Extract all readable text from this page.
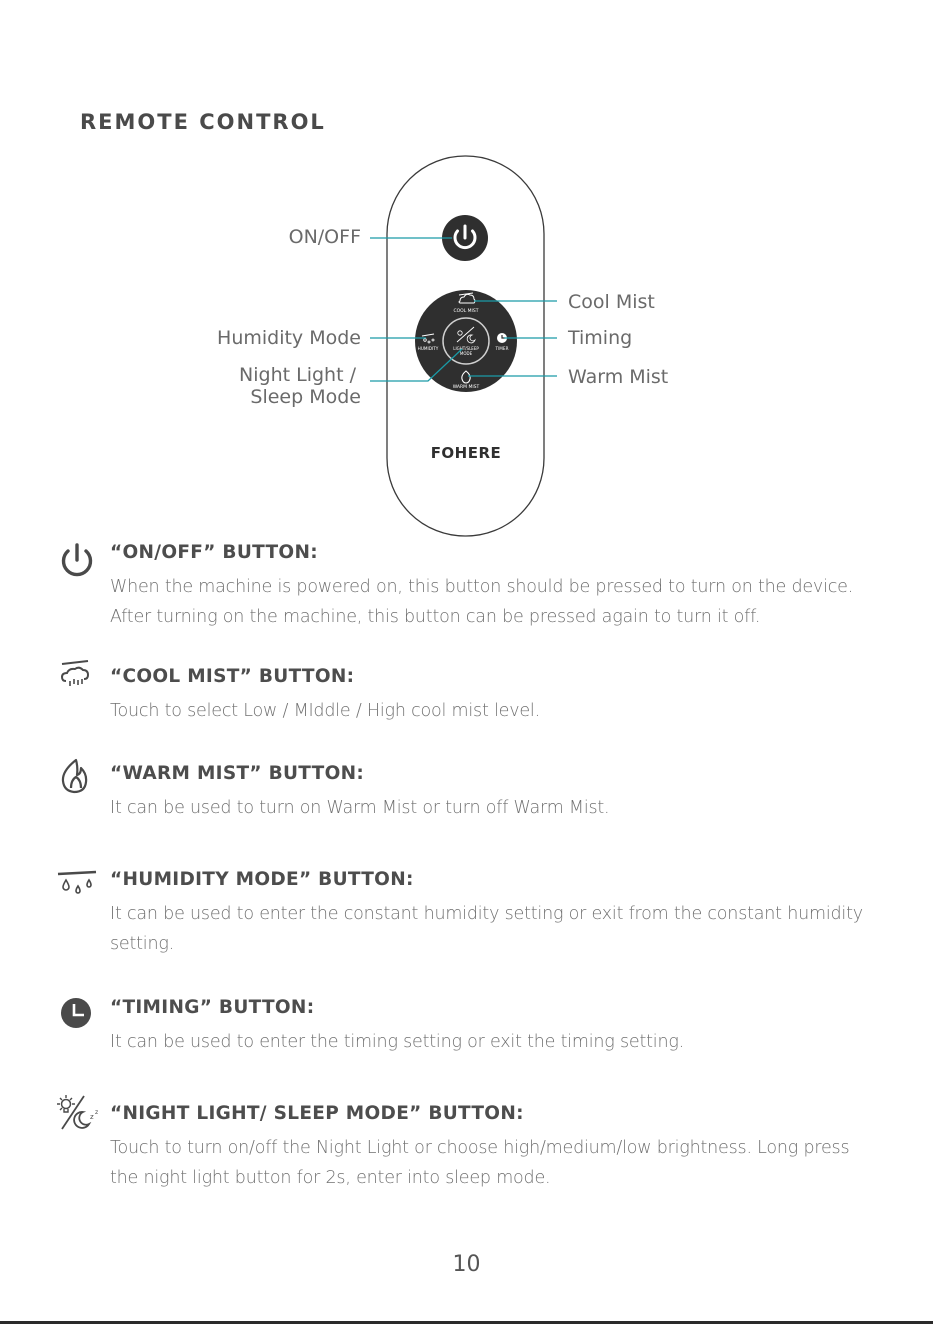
REMOTE CONTROL
COOL MIST
HUMIDITY	TIMER
WARM MIST
LIGHT/SLEEP
MODE
FOHERE
ON/OFF
Humidity Mode
Night Light /
Sleep Mode
Cool Mist
Timing
Warm Mist
“ON/OFF” BUTTON:
When the machine is powered on, this button should be pressed to turn on the device. After turning on the machine, this button can be pressed again to turn it off.
“COOL MIST” BUTTON:
Touch to select Low / MIddle / High cool mist level.
“WARM MIST” BUTTON:
It can be used to turn on Warm Mist or turn off Warm Mist.
“HUMIDITY MODE” BUTTON:
It can be used to enter the constant humidity setting or exit from the constant humidity setting.
“TIMING” BUTTON:
It can be used to enter the timing setting or exit the timing setting.
z
z “NIGHT LIGHT/ SLEEP MODE” BUTTON:
Touch to turn on/off the Night Light or choose high/medium/low brightness. Long press the night light button for 2s, enter into sleep mode.
10
